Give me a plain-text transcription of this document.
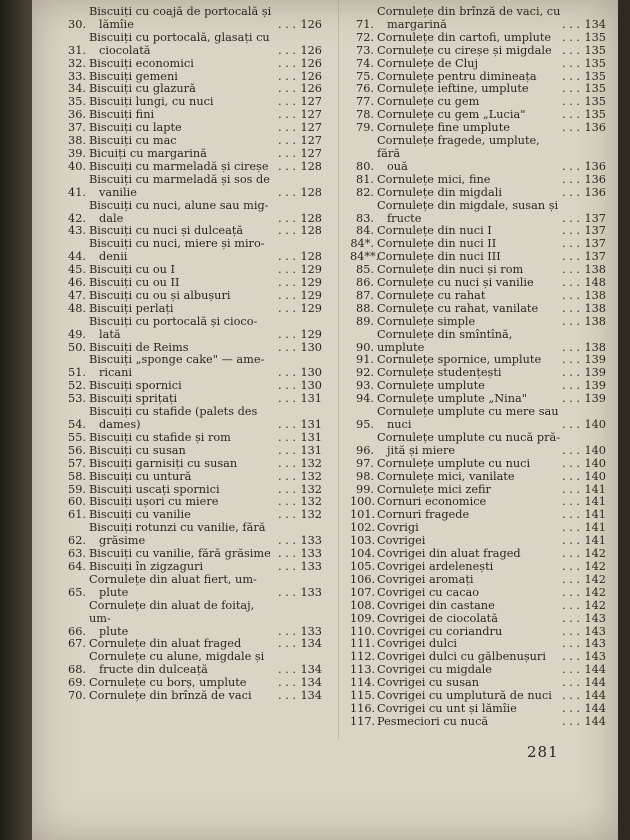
30.
Biscuiți cu coajă de portocală și
lămîie	. . . 126
31.
Biscuiți cu portocală, glasați cu
ciocolată	. . . 126
32. Biscuiți economici	. . . 126
33. Biscuiți gemeni	. . . 126
34. Biscuiți cu glazură	. . . 126
35. Biscuiți lungi, cu nuci	. . . 127
36. Biscuiți fini	. . . 127
37. Biscuiți cu lapte	. . . 127
38. Biscuiți cu mac	. . . 127
39. Bicuiți cu margarină	. . . 127
40. Biscuiți cu marmeladă și cireșe . . . 128
41.
Biscuiți cu marmeladă și sos de
vanilie	. . . 128
42.
Biscuiți cu nuci, alune sau mig-
dale	. . . 128
43. Biscuiți cu nuci și dulceață	. . . 128
44.
Biscuiți cu nuci, miere și miro-
denii	. . . 128
45. Biscuiți cu ou I	. . . 129
46. Biscuiți cu ou II	. . . 129
47. Biscuiți cu ou și albușuri	. . . 129
48. Biscuiți perlați	. . . 129
49.
Biscuiți cu portocală și cioco-
lată	. . . 129
50. Biscuiți de Reims	. . . 130
51.
Biscuiți „sponge cake" — ame-
ricani	. . . 130
52. Biscuiți spornici	. . . 130
53. Biscuiți sprițați	. . . 131
54.
Biscuiți cu stafide (palets des
dames)	. . . 131
55. Biscuiți cu stafide și rom	. . . 131
56. Biscuiți cu susan	. . . 131
57. Biscuiți garnisiți cu susan	. . . 132
58. Biscuiți cu untură	. . . 132
59. Biscuiți uscați spornici	. . . 132
60. Biscuiți ușori cu miere	. . . 132
61. Biscuiți cu vanilie	. . . 132
62.
Biscuiți rotunzi cu vanilie, fără
grăsime	. . . 133
63. Biscuiți cu vanilie, fără grăsime . . . 133
64. Biscuiți în zigzaguri	. . . 133
65.
Cornulețe din aluat fiert, um-
plute	. . . 133
66.
Cornulețe din aluat de foitaj, um-
plute	. . . 133
67. Cornulețe din aluat fraged	. . . 134
68.
Cornulețe cu alune, migdale și
fructe din dulceață	. . . 134
69. Cornulețe cu borș, umplute	. . . 134
70. Cornulețe din brînză de vaci	. . . 134
71.
Cornulețe din brînză de vaci, cu
margarină	. . . 134
72. Cornulețe din cartofi, umplute . . . 135
73. Cornulețe cu cireșe și migdale . . . 135
74. Cornulețe de Cluj	. . . 135
75. Cornulețe pentru dimineața	. . . 135
76. Cornulețe ieftine, umplute	. . . 135
77. Cornulețe cu gem	. . . 135
78. Cornulețe cu gem „Lucia"	. . . 135
79. Cornulețe fine umplute	. . . 136
80.
Cornulețe fragede, umplute, fără
ouă	. . . 136
81. Cornulețe mici, fine	. . . 136
82. Cornulețe din migdali	. . . 136
83.
Cornulețe din migdale, susan și
fructe	. . . 137
84. Cornulețe din nuci I	. . . 137
84*. Cornulețe din nuci II	. . . 137
84**.
Cornulețe din nuci III	. . . 137
85. Cornulețe din nuci și rom	. . . 138
86. Cornulețe cu nuci și vanilie	. . . 148
87. Cornulețe cu rahat	. . . 138
88. Cornulețe cu rahat, vanilate	. . . 138
89. Cornulețe simple	. . . 138
90.
Cornulețe din smîntînă, umplute	. . . 138
91. Cornulețe spornice, umplute	. . . 139
92. Cornulețe studențești	. . . 139
93. Cornulețe umplute	. . . 139
94. Cornulețe umplute „Nina"	. . . 139
95.
Cornulețe umplute cu mere sau
nuci	. . . 140
96.
Cornulețe umplute cu nucă pră-
jită și miere	. . . 140
97. Cornulețe umplute cu nuci	. . . 140
98. Cornulețe mici, vanilate	. . . 140
99. Cornulețe mici zefir	. . . 141
100. Cornuri economice	. . . 141
101. Cornuri fragede	. . . 141
102. Covrigi	. . . 141
103. Covrigei	. . . 141
104. Covrigei din aluat fraged	. . . 142
105. Covrigei ardelenești	. . . 142
106. Covrigei aromați	. . . 142
107. Covrigei cu cacao	. . . 142
108. Covrigei din castane	. . . 142
109. Covrigei de ciocolată	. . . 143
110. Covrigei cu coriandru	. . . 143
111. Covrigei dulci	. . . 143
112. Covrigei dulci cu gălbenușuri	. . . 143
113. Covrigei cu migdale	. . . 144
114. Covrigei cu susan	. . . 144
115. Covrigei cu umplutură de nuci . . . 144
116. Covrigei cu unt și lămîie	. . . 144
117. Pesmeciori cu nucă	. . . 144
281
